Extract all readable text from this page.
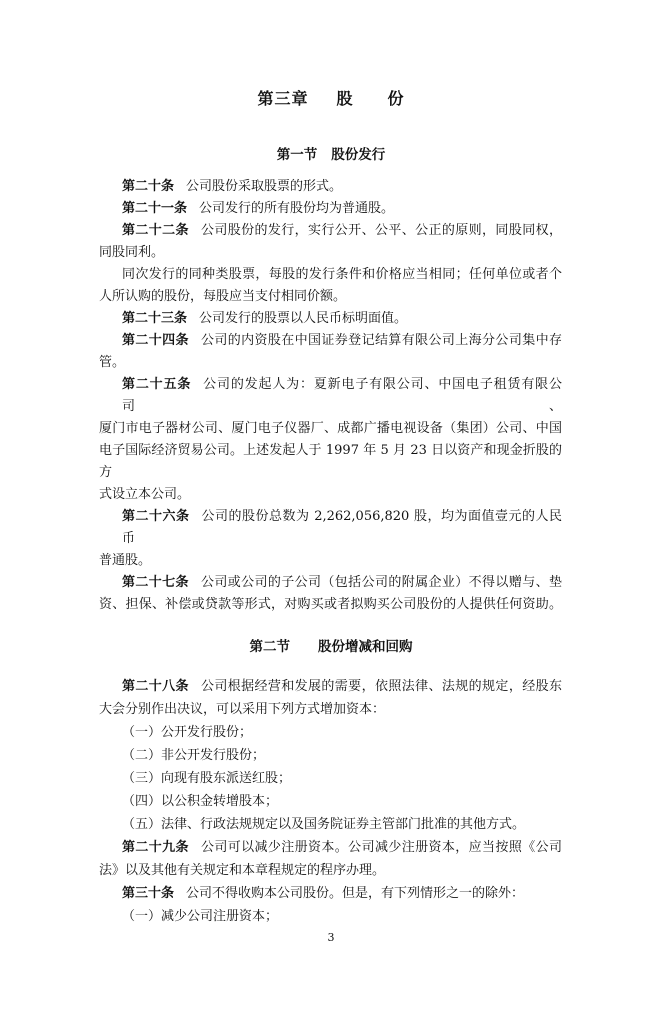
第三章 股　　份
第一节 股份发行
第二十条 公司股份采取股票的形式。
第二十一条 公司发行的所有股份均为普通股。
第二十二条 公司股份的发行，实行公开、公平、公正的原则，同股同权，
同股同利。
同次发行的同种类股票，每股的发行条件和价格应当相同；任何单位或者个
人所认购的股份，每股应当支付相同价额。
第二十三条 公司发行的股票以人民币标明面值。
第二十四条 公司的内资股在中国证券登记结算有限公司上海分公司集中存
管。
第二十五条 公司的发起人为：夏新电子有限公司、中国电子租赁有限公司、
厦门市电子器材公司、厦门电子仪器厂、成都广播电视设备（集团）公司、中国
电子国际经济贸易公司。上述发起人于 1997 年 5 月 23 日以资产和现金折股的方
式设立本公司。
第二十六条 公司的股份总数为 2,262,056,820 股，均为面值壹元的人民币
普通股。
第二十七条 公司或公司的子公司（包括公司的附属企业）不得以赠与、垫
资、担保、补偿或贷款等形式，对购买或者拟购买公司股份的人提供任何资助。
第二节 股份增减和回购
第二十八条 公司根据经营和发展的需要，依照法律、法规的规定，经股东
大会分别作出决议，可以采用下列方式增加资本：
（一）公开发行股份；
（二）非公开发行股份；
（三）向现有股东派送红股；
（四）以公积金转增股本；
（五）法律、行政法规规定以及国务院证券主管部门批准的其他方式。
第二十九条 公司可以减少注册资本。公司减少注册资本，应当按照《公司
法》以及其他有关规定和本章程规定的程序办理。
第三十条 公司不得收购本公司股份。但是，有下列情形之一的除外：
（一）减少公司注册资本；
3
